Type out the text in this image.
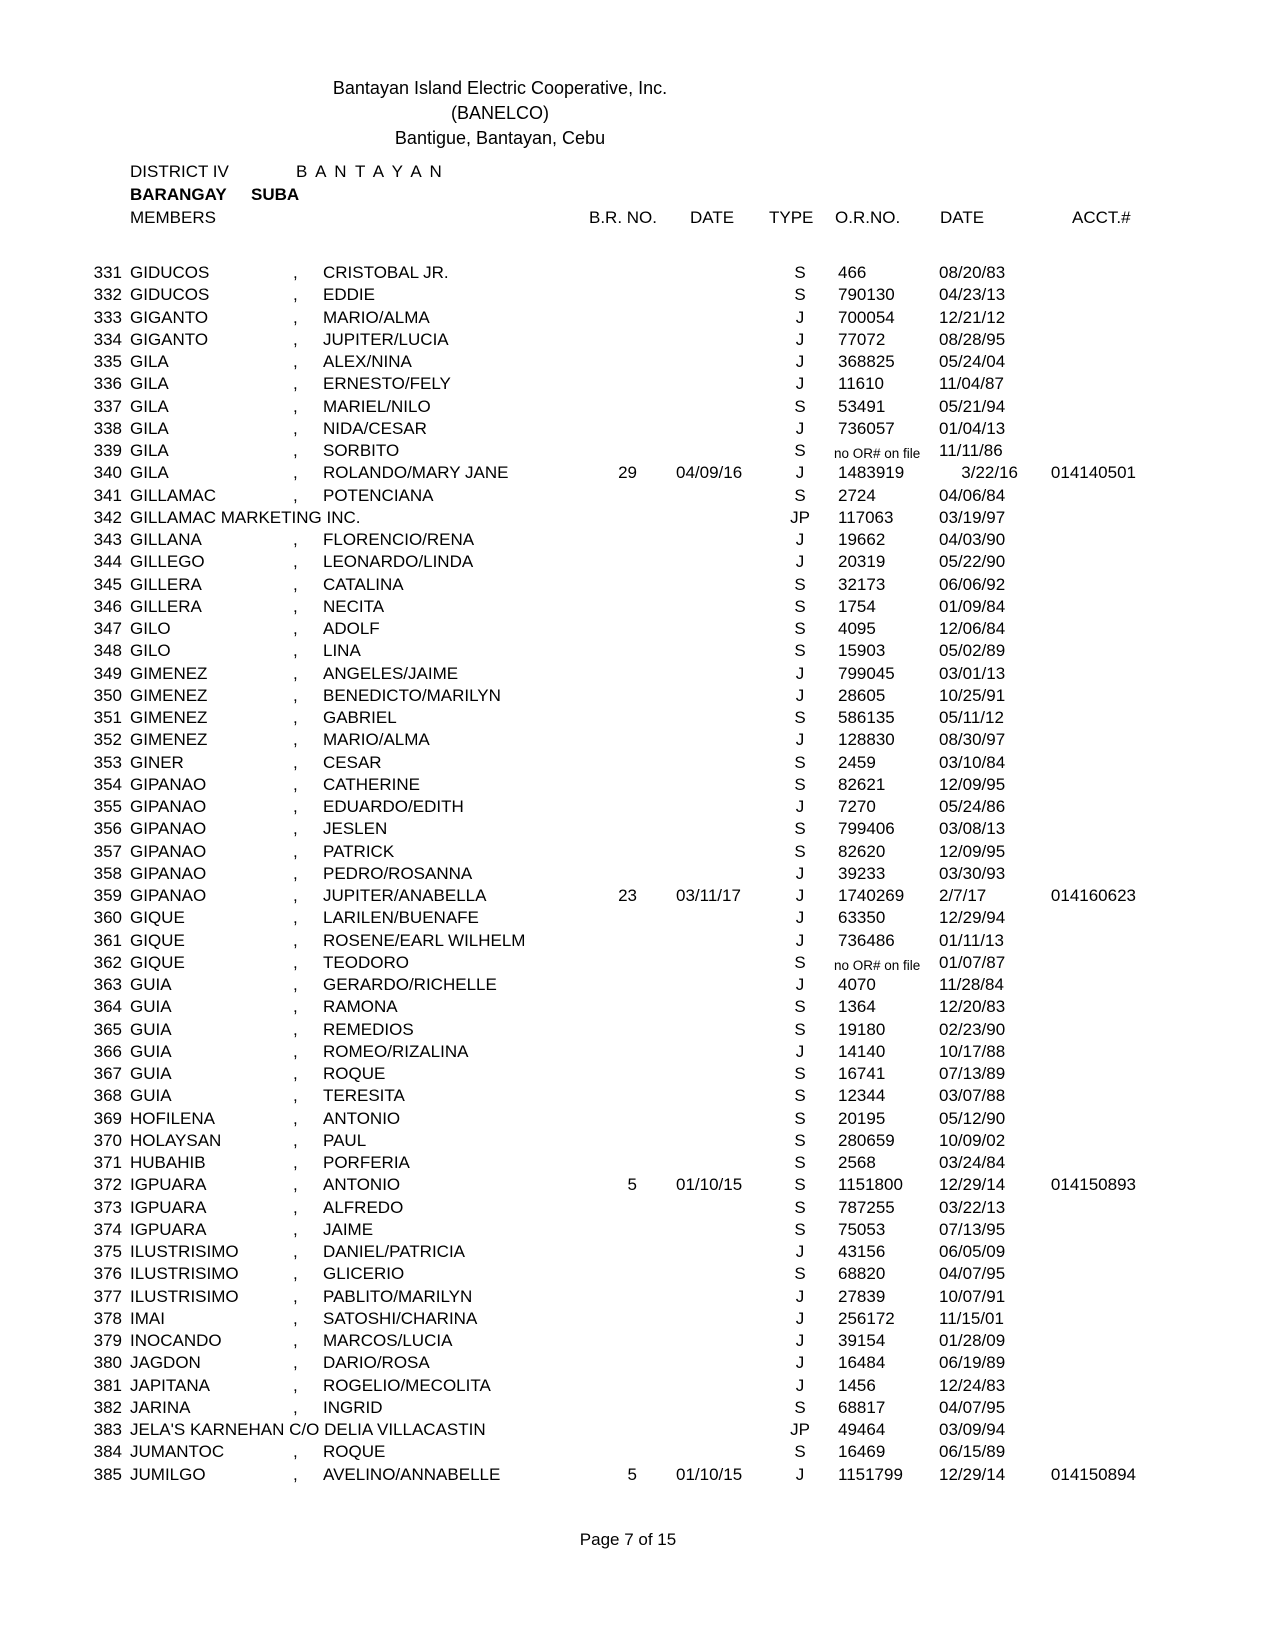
Bantayan Island Electric Cooperative, Inc.
(BANELCO)
Bantigue, Bantayan, Cebu
DISTRICT IV	B A N T A Y A N
BARANGAY SUBA
MEMBERS	B.R. NO. DATE TYPE O.R.NO. DATE	ACCT.#
331 GIDUCOS	, CRISTOBAL JR.	S	466	08/20/83
332 GIDUCOS	, EDDIE	S	790130	04/23/13
333 GIGANTO	, MARIO/ALMA	J	700054	12/21/12
334 GIGANTO	, JUPITER/LUCIA	J	77072	08/28/95
335 GILA	, ALEX/NINA	J	368825	05/24/04
336 GILA	, ERNESTO/FELY	J	11610	11/04/87
337 GILA	, MARIEL/NILO	S	53491	05/21/94
338 GILA	, NIDA/CESAR	J	736057	01/04/13
339 GILA	, SORBITO	S	no OR# on file 11/11/86
340 GILA	, ROLANDO/MARY JANE	29 04/09/16	J	1483919	3/22/16	014140501
341 GILLAMAC	, POTENCIANA	S	2724	04/06/84
342 GILLAMAC MARKETING INC.	JP	117063	03/19/97
343 GILLANA	, FLORENCIO/RENA	J	19662	04/03/90
344 GILLEGO	, LEONARDO/LINDA	J	20319	05/22/90
345 GILLERA	, CATALINA	S	32173	06/06/92
346 GILLERA	, NECITA	S	1754	01/09/84
347 GILO	, ADOLF	S	4095	12/06/84
348 GILO	, LINA	S	15903	05/02/89
349 GIMENEZ	, ANGELES/JAIME	J	799045	03/01/13
350 GIMENEZ	, BENEDICTO/MARILYN	J	28605	10/25/91
351 GIMENEZ	, GABRIEL	S	586135	05/11/12
352 GIMENEZ	, MARIO/ALMA	J	128830	08/30/97
353 GINER	, CESAR	S	2459	03/10/84
354 GIPANAO	, CATHERINE	S	82621	12/09/95
355 GIPANAO	, EDUARDO/EDITH	J	7270	05/24/86
356 GIPANAO	, JESLEN	S	799406	03/08/13
357 GIPANAO	, PATRICK	S	82620	12/09/95
358 GIPANAO	, PEDRO/ROSANNA	J	39233	03/30/93
359 GIPANAO	, JUPITER/ANABELLA	23 03/11/17	J	1740269 2/7/17	014160623
360 GIQUE	, LARILEN/BUENAFE	J	63350	12/29/94
361 GIQUE	, ROSENE/EARL WILHELM	J	736486	01/11/13
362 GIQUE	, TEODORO	S	no OR# on file 01/07/87
363 GUIA	, GERARDO/RICHELLE	J	4070	11/28/84
364 GUIA	, RAMONA	S	1364	12/20/83
365 GUIA	, REMEDIOS	S	19180	02/23/90
366 GUIA	, ROMEO/RIZALINA	J	14140	10/17/88
367 GUIA	, ROQUE	S	16741	07/13/89
368 GUIA	, TERESITA	S	12344	03/07/88
369 HOFILENA	, ANTONIO	S	20195	05/12/90
370 HOLAYSAN	, PAUL	S	280659	10/09/02
371 HUBAHIB	, PORFERIA	S	2568	03/24/84
372 IGPUARA	, ANTONIO	5 01/10/15	S	1151800 12/29/14	014150893
373 IGPUARA	, ALFREDO	S	787255	03/22/13
374 IGPUARA	, JAIME	S	75053	07/13/95
375 ILUSTRISIMO	, DANIEL/PATRICIA	J	43156	06/05/09
376 ILUSTRISIMO	, GLICERIO	S	68820	04/07/95
377 ILUSTRISIMO	, PABLITO/MARILYN	J	27839	10/07/91
378 IMAI	, SATOSHI/CHARINA	J	256172	11/15/01
379 INOCANDO	, MARCOS/LUCIA	J	39154	01/28/09
380 JAGDON	, DARIO/ROSA	J	16484	06/19/89
381 JAPITANA	, ROGELIO/MECOLITA	J	1456	12/24/83
382 JARINA	, INGRID	S	68817	04/07/95
383 JELA'S KARNEHAN C/O DELIA VILLACASTIN	JP	49464	03/09/94
384 JUMANTOC	, ROQUE	S	16469	06/15/89
385 JUMILGO	, AVELINO/ANNABELLE	5 01/10/15	J	1151799 12/29/14	014150894
Page 7 of 15
